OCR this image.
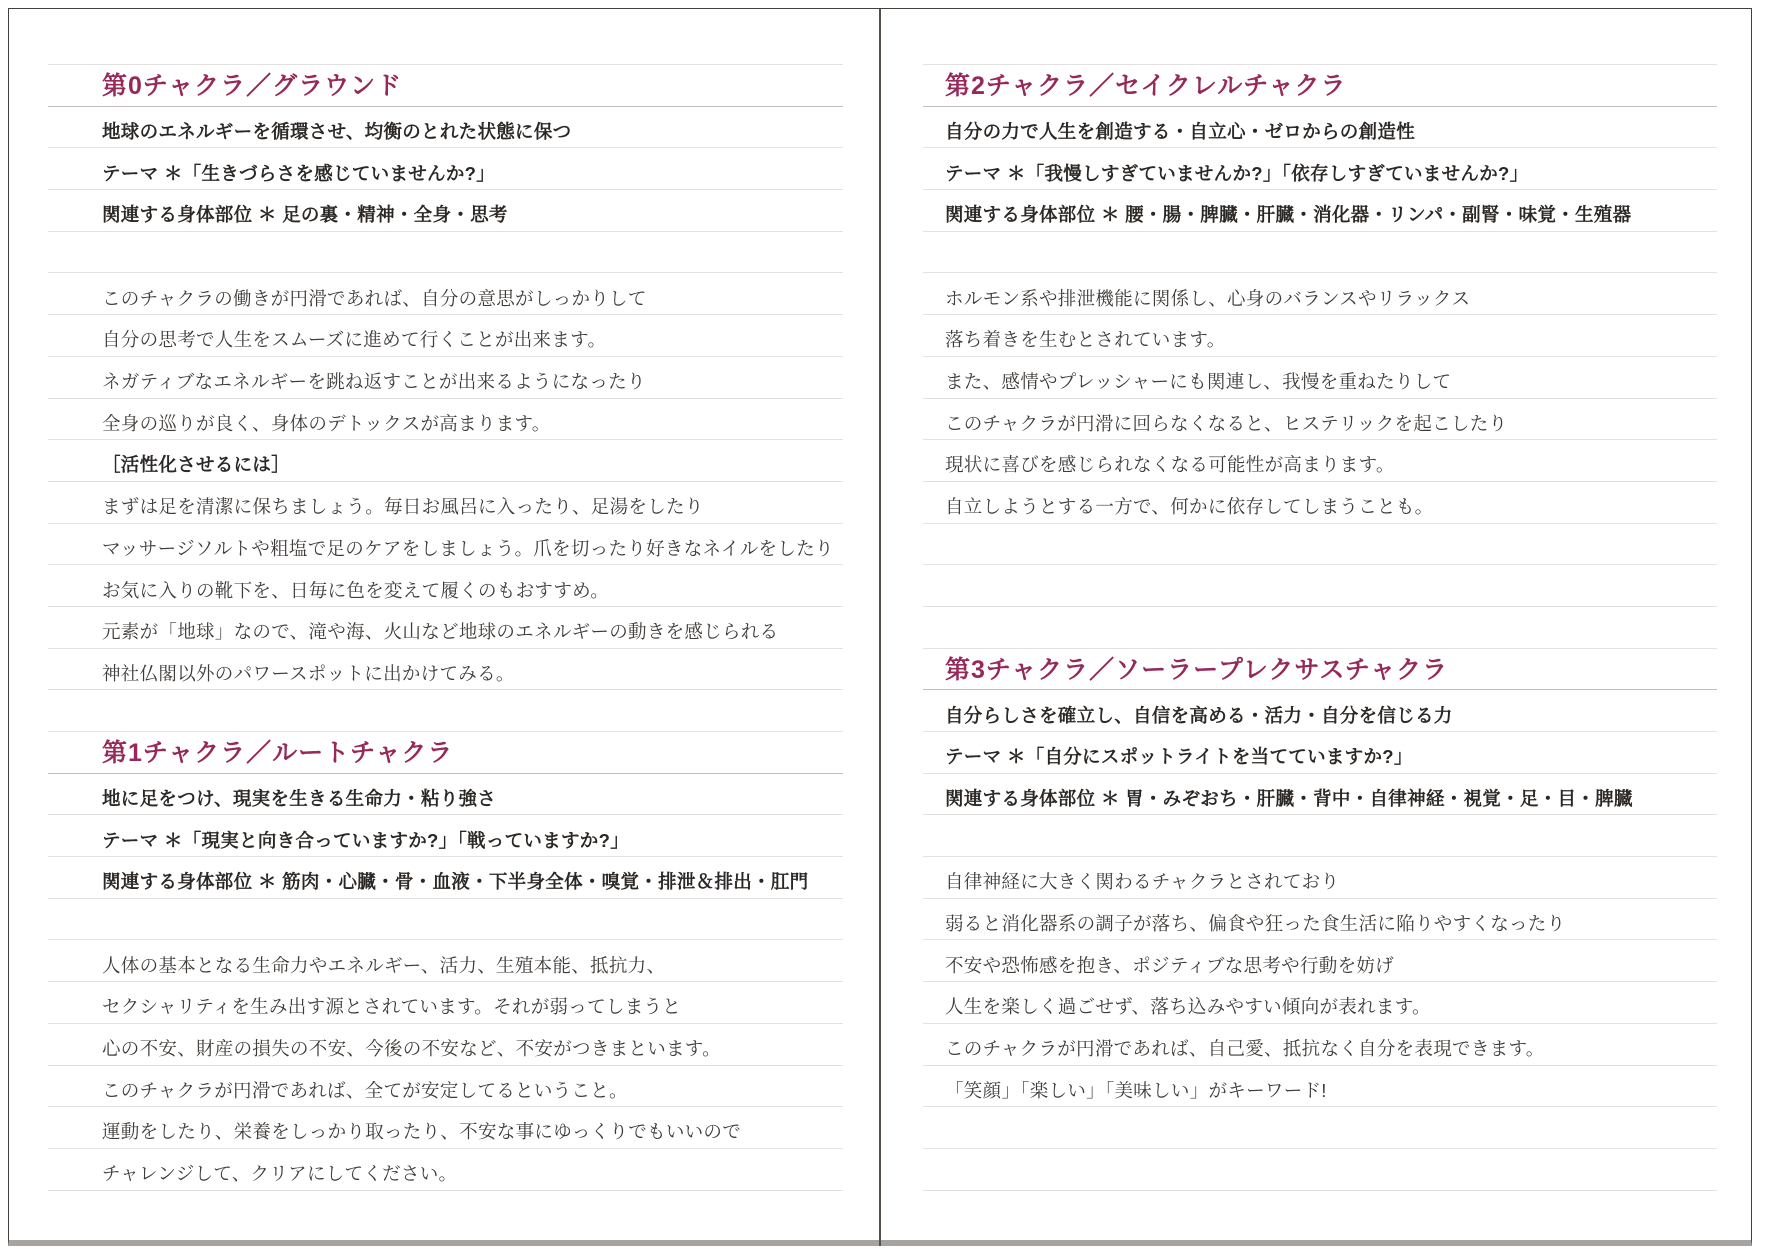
第0チャクラ／グラウンド
地球のエネルギーを循環させ、均衡のとれた状態に保つ
テーマ ＊「生きづらさを感じていませんか?」
関連する身体部位 ＊ 足の裏・精神・全身・思考
このチャクラの働きが円滑であれば、自分の意思がしっかりして
自分の思考で人生をスムーズに進めて行くことが出来ます。
ネガティブなエネルギーを跳ね返すことが出来るようになったり
全身の巡りが良く、身体のデトックスが高まります。
［活性化させるには］
まずは足を清潔に保ちましょう。毎日お風呂に入ったり、足湯をしたり
マッサージソルトや粗塩で足のケアをしましょう。爪を切ったり好きなネイルをしたり
お気に入りの靴下を、日毎に色を変えて履くのもおすすめ。
元素が「地球」なので、滝や海、火山など地球のエネルギーの動きを感じられる
神社仏閣以外のパワースポットに出かけてみる。
第1チャクラ／ルートチャクラ
地に足をつけ、現実を生きる生命力・粘り強さ
テーマ ＊「現実と向き合っていますか?」「戦っていますか?」
関連する身体部位 ＊ 筋肉・心臓・骨・血液・下半身全体・嗅覚・排泄＆排出・肛門
人体の基本となる生命力やエネルギー、活力、生殖本能、抵抗力、
セクシャリティを生み出す源とされています。それが弱ってしまうと
心の不安、財産の損失の不安、今後の不安など、不安がつきまといます。
このチャクラが円滑であれば、全てが安定してるということ。
運動をしたり、栄養をしっかり取ったり、不安な事にゆっくりでもいいので
チャレンジして、クリアにしてください。
第2チャクラ／セイクレルチャクラ
自分の力で人生を創造する・自立心・ゼロからの創造性
テーマ ＊「我慢しすぎていませんか?」「依存しすぎていませんか?」
関連する身体部位 ＊ 腰・腸・脾臓・肝臓・消化器・リンパ・副腎・味覚・生殖器
ホルモン系や排泄機能に関係し、心身のバランスやリラックス
落ち着きを生むとされています。
また、感情やプレッシャーにも関連し、我慢を重ねたりして
このチャクラが円滑に回らなくなると、ヒステリックを起こしたり
現状に喜びを感じられなくなる可能性が高まります。
自立しようとする一方で、何かに依存してしまうことも。
第3チャクラ／ソーラープレクサスチャクラ
自分らしさを確立し、自信を高める・活力・自分を信じる力
テーマ ＊「自分にスポットライトを当てていますか?」
関連する身体部位 ＊ 胃・みぞおち・肝臓・背中・自律神経・視覚・足・目・脾臓
自律神経に大きく関わるチャクラとされており
弱ると消化器系の調子が落ち、偏食や狂った食生活に陥りやすくなったり
不安や恐怖感を抱き、ポジティブな思考や行動を妨げ
人生を楽しく過ごせず、落ち込みやすい傾向が表れます。
このチャクラが円滑であれば、自己愛、抵抗なく自分を表現できます。
「笑顔」「楽しい」「美味しい」がキーワード!
